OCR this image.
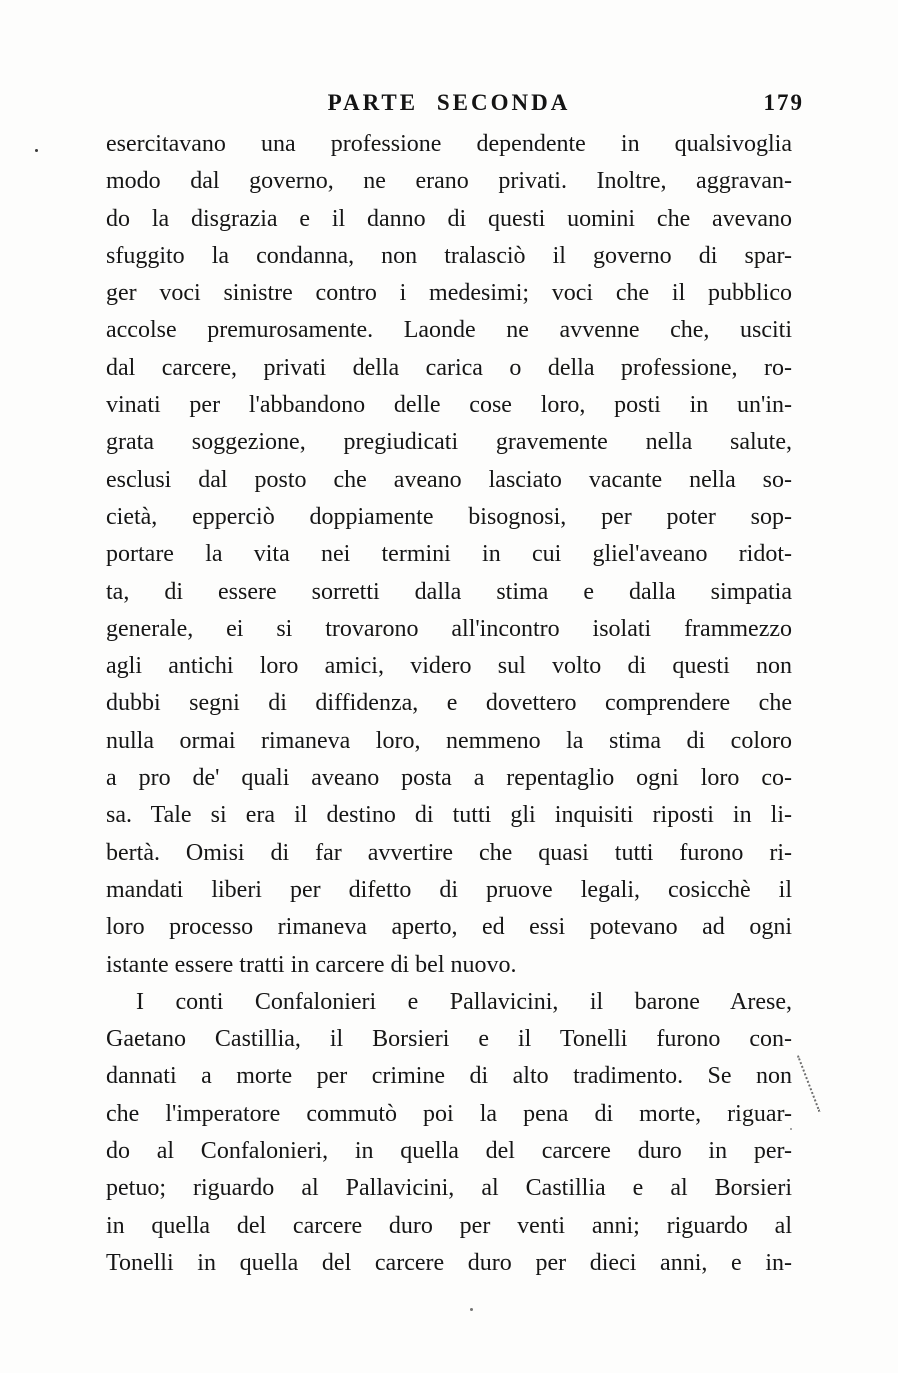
PARTE SECONDA	179
esercitavano una professione dependente in qualsivoglia
modo dal governo, ne erano privati. Inoltre, aggravan-
do la disgrazia e il danno di questi uomini che avevano
sfuggito la condanna, non tralasciò il governo di spar-
ger voci sinistre contro i medesimi; voci che il pubblico
accolse premurosamente. Laonde ne avvenne che, usciti
dal carcere, privati della carica o della professione, ro-
vinati per l'abbandono delle cose loro, posti in un'in-
grata soggezione, pregiudicati gravemente nella salute,
esclusi dal posto che aveano lasciato vacante nella so-
cietà, epperciò doppiamente bisognosi, per poter sop-
portare la vita nei termini in cui gliel'aveano ridot-
ta, di essere sorretti dalla stima e dalla simpatia
generale, ei si trovarono all'incontro isolati frammezzo
agli antichi loro amici, videro sul volto di questi non
dubbi segni di diffidenza, e dovettero comprendere che
nulla ormai rimaneva loro, nemmeno la stima di coloro
a pro de' quali aveano posta a repentaglio ogni loro co-
sa. Tale si era il destino di tutti gli inquisiti riposti in li-
bertà. Omisi di far avvertire che quasi tutti furono ri-
mandati liberi per difetto di pruove legali, cosicchè il
loro processo rimaneva aperto, ed essi potevano ad ogni
istante essere tratti in carcere di bel nuovo.
I conti Confalonieri e Pallavicini, il barone Arese,
Gaetano Castillia, il Borsieri e il Tonelli furono con-
dannati a morte per crimine di alto tradimento. Se non
che l'imperatore commutò poi la pena di morte, riguar-
do al Confalonieri, in quella del carcere duro in per-
petuo; riguardo al Pallavicini, al Castillia e al Borsieri
in quella del carcere duro per venti anni; riguardo al
Tonelli in quella del carcere duro per dieci anni, e in-
